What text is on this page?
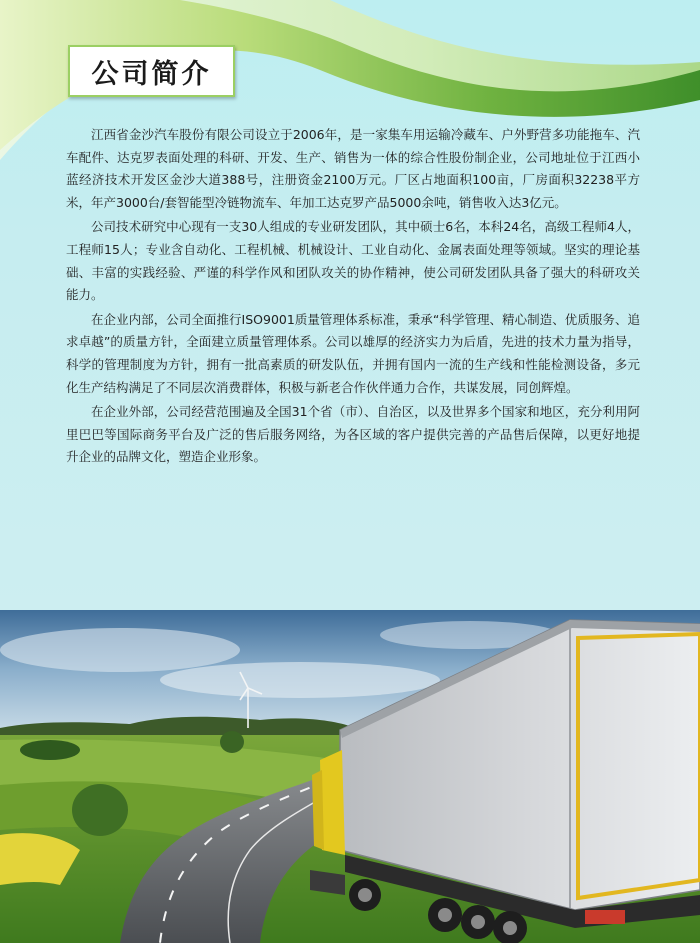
公司简介

江西省金沙汽车股份有限公司设立于2006年，是一家集车用运输冷藏车、户外野营多功能拖车、汽车配件、达克罗表面处理的科研、开发、生产、销售为一体的综合性股份制企业，公司地址位于江西小蓝经济技术开发区金沙大道388号，注册资金2100万元。厂区占地面积100亩，厂房面积32238平方米，年产3000台/套智能型冷链物流车、年加工达克罗产品5000余吨，销售收入达3亿元。

公司技术研究中心现有一支30人组成的专业研发团队，其中硕士6名，本科24名，高级工程师4人，工程师15人；专业含自动化、工程机械、机械设计、工业自动化、金属表面处理等领域。坚实的理论基础、丰富的实践经验、严谨的科学作风和团队攻关的协作精神，使公司研发团队具备了强大的科研攻关能力。

在企业内部，公司全面推行ISO9001质量管理体系标准，秉承“科学管理、精心制造、优质服务、追求卓越”的质量方针，全面建立质量管理体系。公司以雄厚的经济实力为后盾，先进的技术力量为指导，科学的管理制度为方针，拥有一批高素质的研发队伍，并拥有国内一流的生产线和性能检测设备，多元化生产结构满足了不同层次消费群体，积极与新老合作伙伴通力合作，共谋发展，同创辉煌。

在企业外部，公司经营范围遍及全国31个省（市）、自治区，以及世界多个国家和地区，充分利用阿里巴巴等国际商务平台及广泛的售后服务网络，为各区域的客户提供完善的产品售后保障，以更好地提升企业的品牌文化，塑造企业形象。
